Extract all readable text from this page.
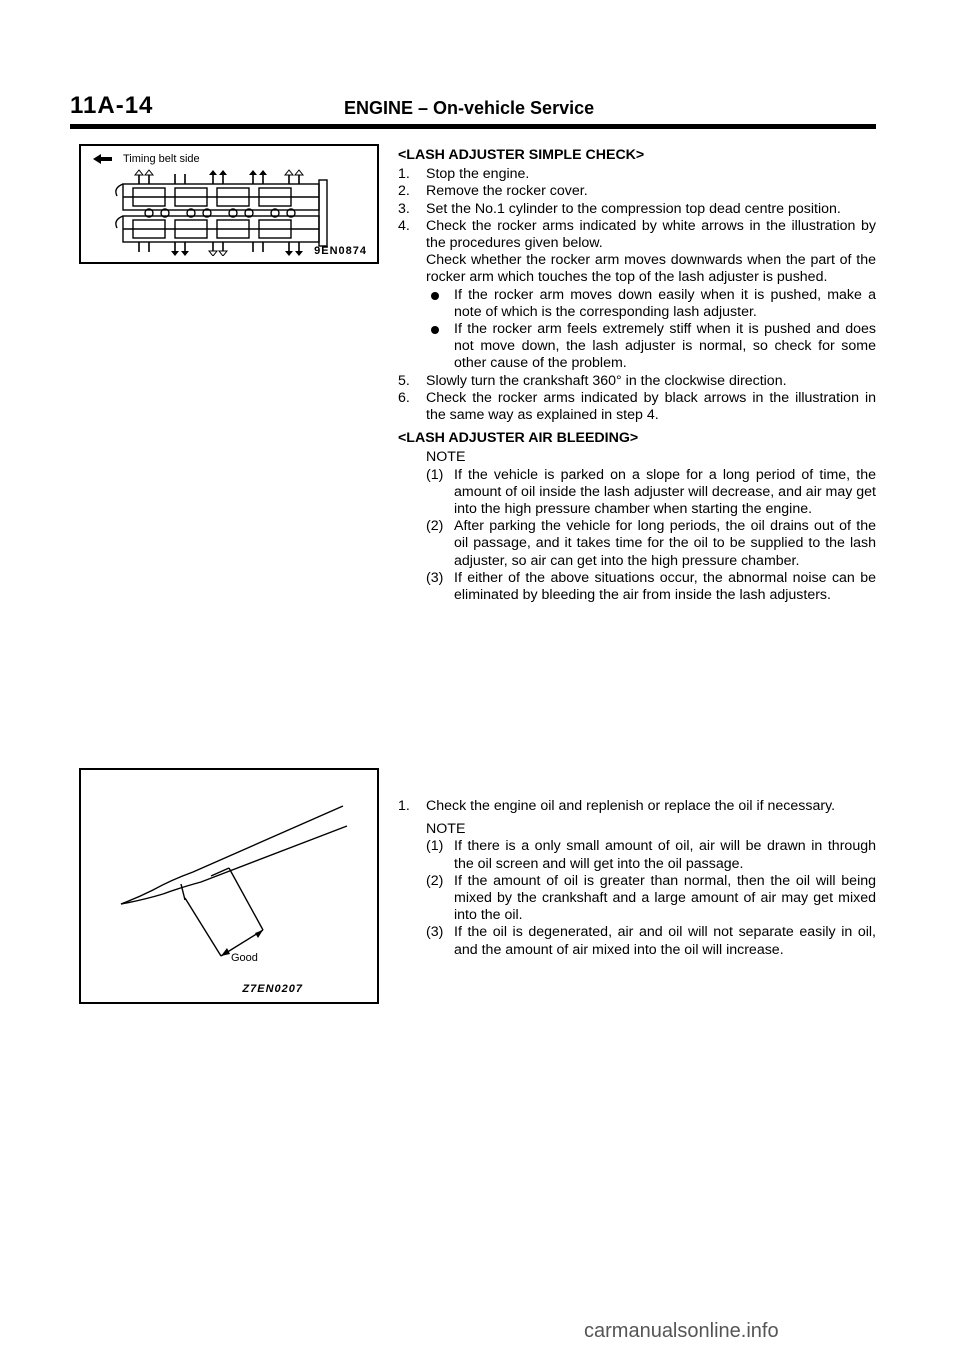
11A-14	ENGINE – On-vehicle Service
Timing belt side
9EN0874
<LASH ADJUSTER SIMPLE CHECK>
1. Stop the engine.
2. Remove the rocker cover.
3. Set the No.1 cylinder to the compression top dead centre position.
4. Check the rocker arms indicated by white arrows in the illustration by the procedures given below.
Check whether the rocker arm moves downwards when the part of the rocker arm which touches the top of the lash adjuster is pushed.
If the rocker arm moves down easily when it is pushed, make a note of which is the corresponding lash adjuster.
If the rocker arm feels extremely stiff when it is pushed and does not move down, the lash adjuster is normal, so check for some other cause of the problem.
5. Slowly turn the crankshaft 360° in the clockwise direction.
6. Check the rocker arms indicated by black arrows in the illustration in the same way as explained in step 4.
<LASH ADJUSTER AIR BLEEDING>
NOTE
(1) If the vehicle is parked on a slope for a long period of time, the amount of oil inside the lash adjuster will decrease, and air may get into the high pressure chamber when starting the engine.
(2) After parking the vehicle for long periods, the oil drains out of the oil passage, and it takes time for the oil to be supplied to the lash adjuster, so air can get into the high pressure chamber.
(3) If either of the above situations occur, the abnormal noise can be eliminated by bleeding the air from inside the lash adjusters.
Good
Z7EN0207
1. Check the engine oil and replenish or replace the oil if necessary.
NOTE
(1) If there is a only small amount of oil, air will be drawn in through the oil screen and will get into the oil passage.
(2) If the amount of oil is greater than normal, then the oil will being mixed by the crankshaft and a large amount of air may get mixed into the oil.
(3) If the oil is degenerated, air and oil will not separate easily in oil, and the amount of air mixed into the oil will increase.
carmanualsonline.info
